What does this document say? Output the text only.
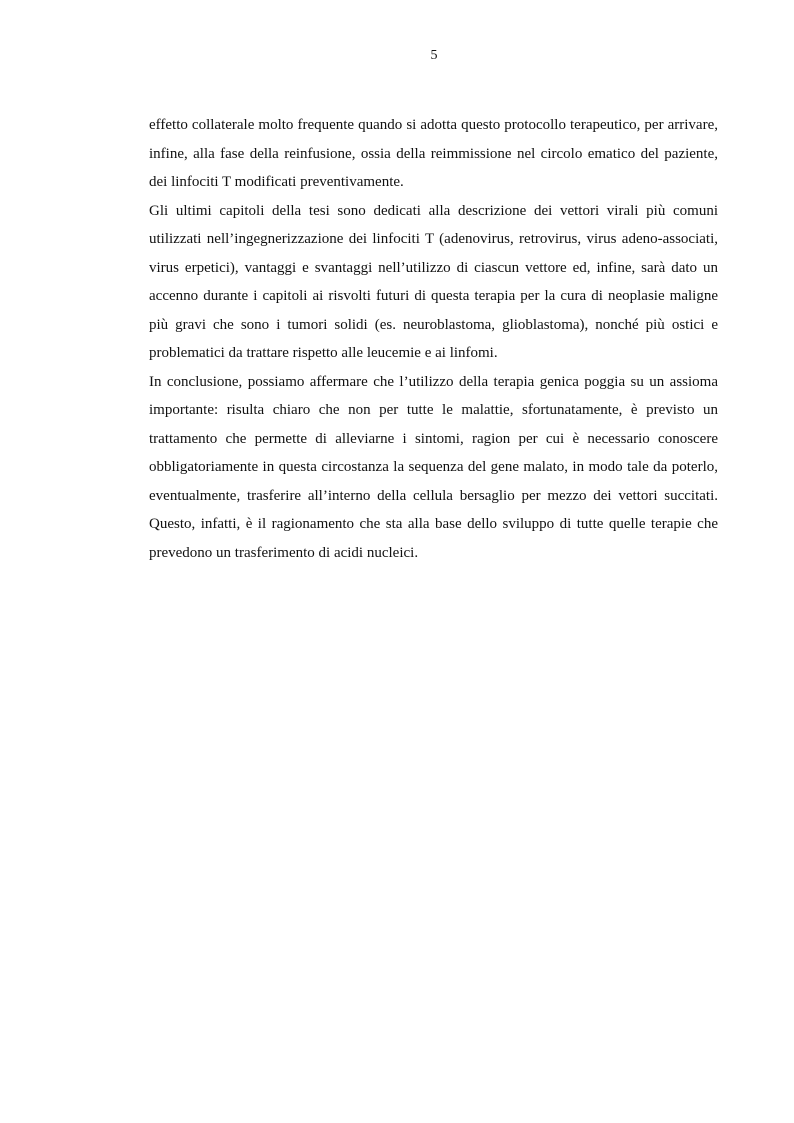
5

effetto collaterale molto frequente quando si adotta questo protocollo terapeutico, per arrivare, infine, alla fase della reinfusione, ossia della reimmissione nel circolo ematico del paziente, dei linfociti T modificati preventivamente.

Gli ultimi capitoli della tesi sono dedicati alla descrizione dei vettori virali più comuni utilizzati nell’ingegnerizzazione dei linfociti T (adenovirus, retrovirus, virus adeno-associati, virus erpetici), vantaggi e svantaggi nell’utilizzo di ciascun vettore ed, infine, sarà dato un accenno durante i capitoli ai risvolti futuri di questa terapia per la cura di neoplasie maligne più gravi che sono i tumori solidi (es. neuroblastoma, glioblastoma), nonché più ostici e problematici da trattare rispetto alle leucemie e ai linfomi.

In conclusione, possiamo affermare che l’utilizzo della terapia genica poggia su un assioma importante: risulta chiaro che non per tutte le malattie, sfortunatamente, è previsto un trattamento che permette di alleviarne i sintomi, ragion per cui è necessario conoscere obbligatoriamente in questa circostanza la sequenza del gene malato, in modo tale da poterlo, eventualmente, trasferire all’interno della cellula bersaglio per mezzo dei vettori succitati. Questo, infatti, è il ragionamento che sta alla base dello sviluppo di tutte quelle terapie che prevedono un trasferimento di acidi nucleici.
